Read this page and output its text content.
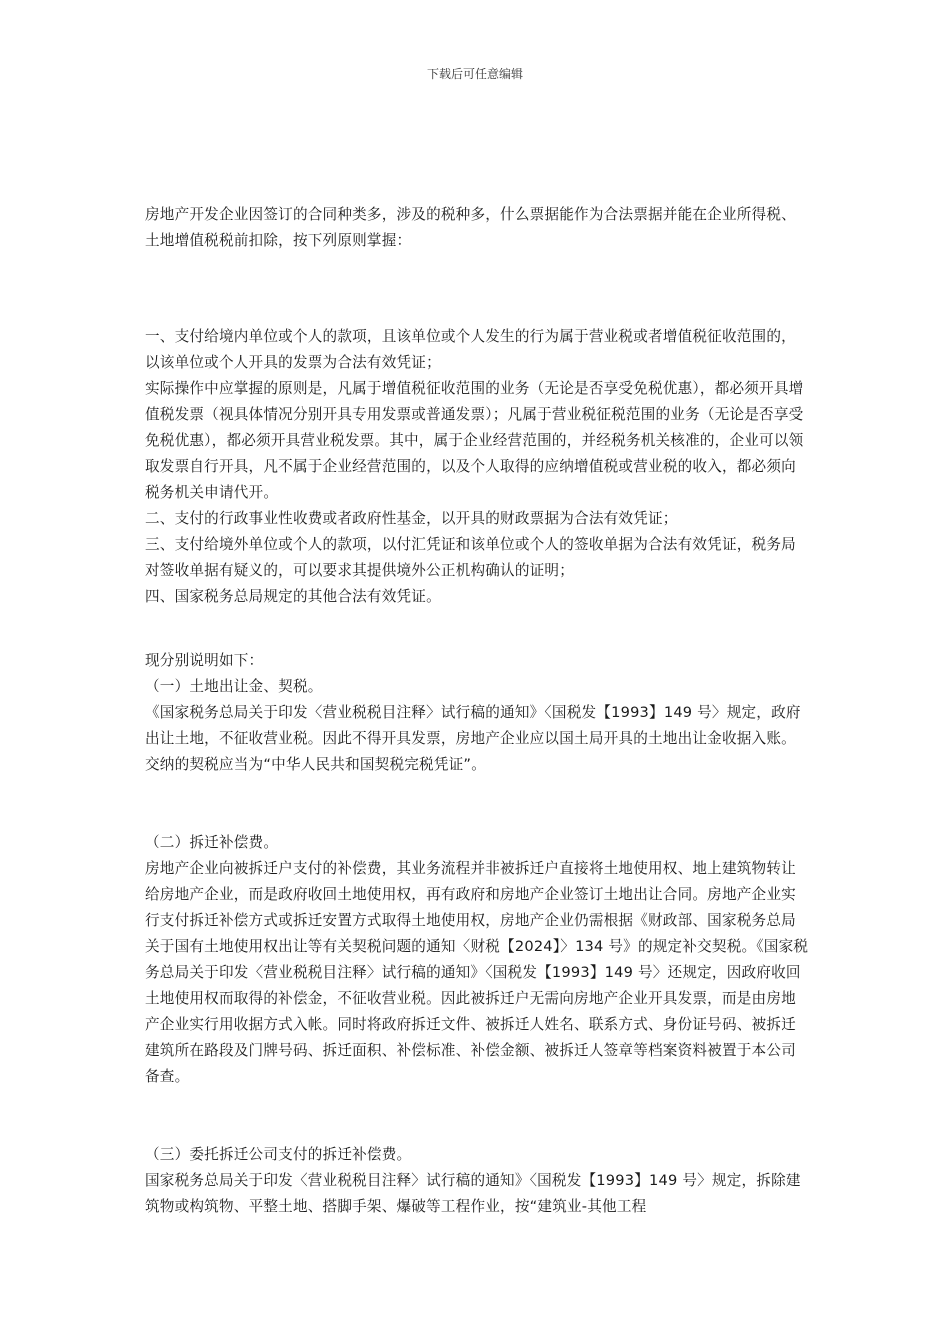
下载后可任意编辑

房地产开发企业因签订的合同种类多，涉及的税种多，什么票据能作为合法票据并能在企业所得税、土地增值税税前扣除，按下列原则掌握：

一、支付给境内单位或个人的款项，且该单位或个人发生的行为属于营业税或者增值税征收范围的，以该单位或个人开具的发票为合法有效凭证；

实际操作中应掌握的原则是，凡属于增值税征收范围的业务（无论是否享受免税优惠），都必须开具增值税发票（视具体情况分别开具专用发票或普通发票）；凡属于营业税征税范围的业务（无论是否享受免税优惠），都必须开具营业税发票。其中，属于企业经营范围的，并经税务机关核准的，企业可以领取发票自行开具，凡不属于企业经营范围的，以及个人取得的应纳增值税或营业税的收入，都必须向税务机关申请代开。

二、支付的行政事业性收费或者政府性基金，以开具的财政票据为合法有效凭证；

三、支付给境外单位或个人的款项，以付汇凭证和该单位或个人的签收单据为合法有效凭证，税务局对签收单据有疑义的，可以要求其提供境外公正机构确认的证明；

四、国家税务总局规定的其他合法有效凭证。

现分别说明如下：

（一）土地出让金、契税。

《国家税务总局关于印发〈营业税税目注释〉试行稿的通知》〈国税发【1993】149 号〉规定，政府出让土地，不征收营业税。因此不得开具发票，房地产企业应以国土局开具的土地出让金收据入账。交纳的契税应当为“中华人民共和国契税完税凭证”。

（二）拆迁补偿费。

房地产企业向被拆迁户支付的补偿费，其业务流程并非被拆迁户直接将土地使用权、地上建筑物转让给房地产企业，而是政府收回土地使用权，再有政府和房地产企业签订土地出让合同。房地产企业实行支付拆迁补偿方式或拆迁安置方式取得土地使用权，房地产企业仍需根据《财政部、国家税务总局关于国有土地使用权出让等有关契税问题的通知〈财税【2024】〉134 号》的规定补交契税。《国家税务总局关于印发〈营业税税目注释〉试行稿的通知》〈国税发【1993】149 号〉还规定，因政府收回土地使用权而取得的补偿金，不征收营业税。因此被拆迁户无需向房地产企业开具发票，而是由房地产企业实行用收据方式入帐。同时将政府拆迁文件、被拆迁人姓名、联系方式、身份证号码、被拆迁建筑所在路段及门牌号码、拆迁面积、补偿标准、补偿金额、被拆迁人签章等档案资料被置于本公司备查。

（三）委托拆迁公司支付的拆迁补偿费。

国家税务总局关于印发〈营业税税目注释〉试行稿的通知》〈国税发【1993】149 号〉规定，拆除建筑物或构筑物、平整土地、搭脚手架、爆破等工程作业，按“建筑业-其他工程
